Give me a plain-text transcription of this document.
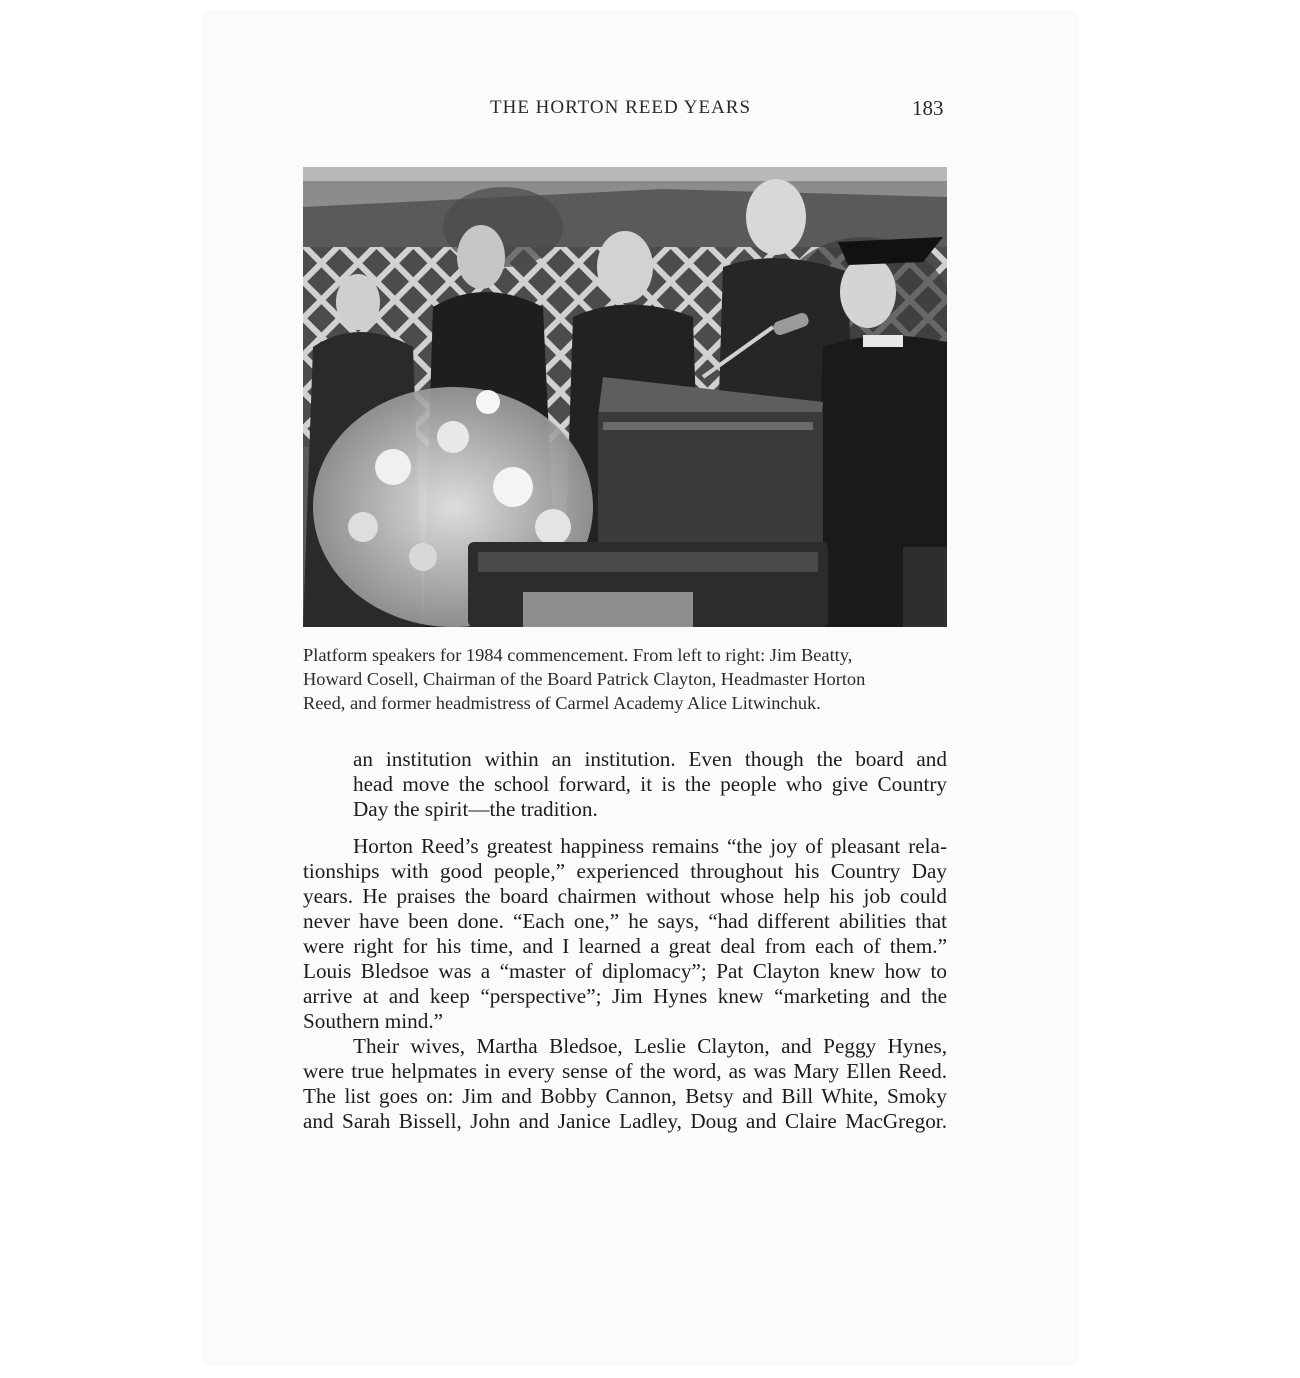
THE HORTON REED YEARS	183
Platform speakers for 1984 commencement. From left to right: Jim Beatty,
Howard Cosell, Chairman of the Board Patrick Clayton, Headmaster Horton
Reed, and former headmistress of Carmel Academy Alice Litwinchuk.
an institution within an institution. Even though the board and
head move the school forward, it is the people who give Country
Day the spirit—the tradition.
Horton Reed’s greatest happiness remains “the joy of pleasant rela-
tionships with good people,” experienced throughout his Country Day
years. He praises the board chairmen without whose help his job could
never have been done. “Each one,” he says, “had different abilities that
were right for his time, and I learned a great deal from each of them.”
Louis Bledsoe was a “master of diplomacy”; Pat Clayton knew how to
arrive at and keep “perspective”; Jim Hynes knew “marketing and the
Southern mind.”
Their wives, Martha Bledsoe, Leslie Clayton, and Peggy Hynes,
were true helpmates in every sense of the word, as was Mary Ellen Reed.
The list goes on: Jim and Bobby Cannon, Betsy and Bill White, Smoky
and Sarah Bissell, John and Janice Ladley, Doug and Claire MacGregor.
